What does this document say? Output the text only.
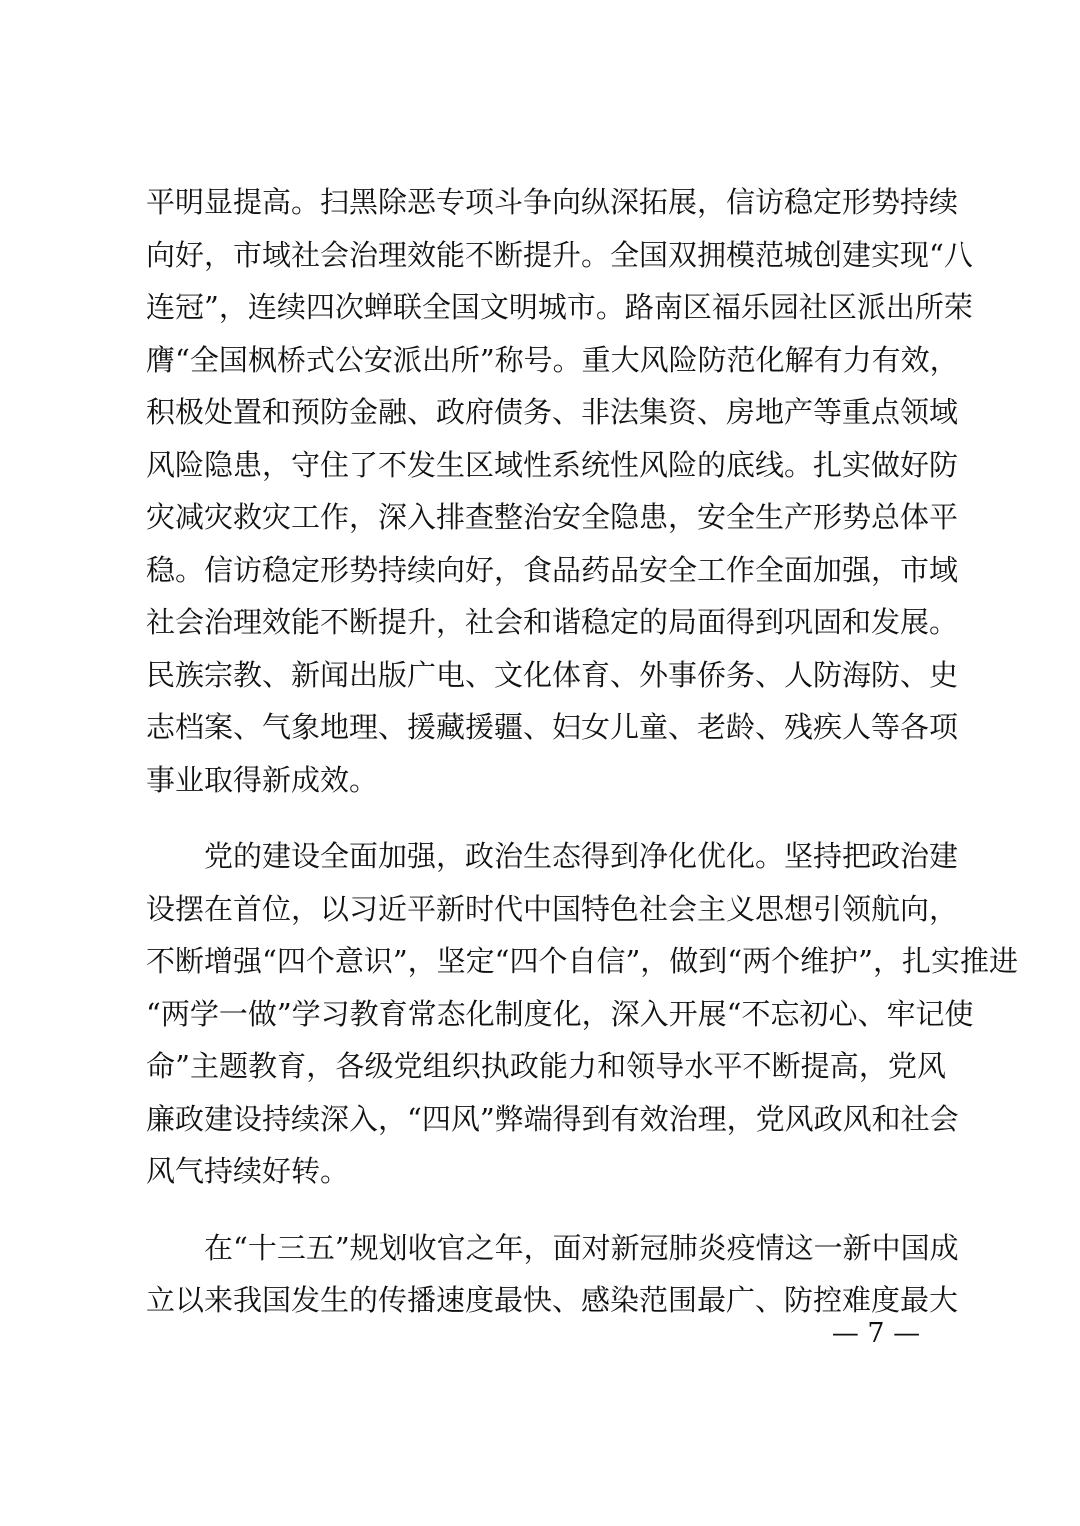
平明显提高。扫黑除恶专项斗争向纵深拓展，信访稳定形势持续
向好，市域社会治理效能不断提升。全国双拥模范城创建实现“八
连冠”，连续四次蝉联全国文明城市。路南区福乐园社区派出所荣
膺“全国枫桥式公安派出所”称号。重大风险防范化解有力有效，
积极处置和预防金融、政府债务、非法集资、房地产等重点领域
风险隐患，守住了不发生区域性系统性风险的底线。扎实做好防
灾减灾救灾工作，深入排查整治安全隐患，安全生产形势总体平
稳。信访稳定形势持续向好，食品药品安全工作全面加强，市域
社会治理效能不断提升，社会和谐稳定的局面得到巩固和发展。
民族宗教、新闻出版广电、文化体育、外事侨务、人防海防、史
志档案、气象地理、援藏援疆、妇女儿童、老龄、残疾人等各项
事业取得新成效。
　　党的建设全面加强，政治生态得到净化优化。坚持把政治建
设摆在首位，以习近平新时代中国特色社会主义思想引领航向，
不断增强“四个意识”，坚定“四个自信”，做到“两个维护”，扎实推进
“两学一做”学习教育常态化制度化，深入开展“不忘初心、牢记使
命”主题教育，各级党组织执政能力和领导水平不断提高，党风
廉政建设持续深入，“四风”弊端得到有效治理，党风政风和社会
风气持续好转。
　　在“十三五”规划收官之年，面对新冠肺炎疫情这一新中国成
立以来我国发生的传播速度最快、感染范围最广、防控难度最大
— 7 —
